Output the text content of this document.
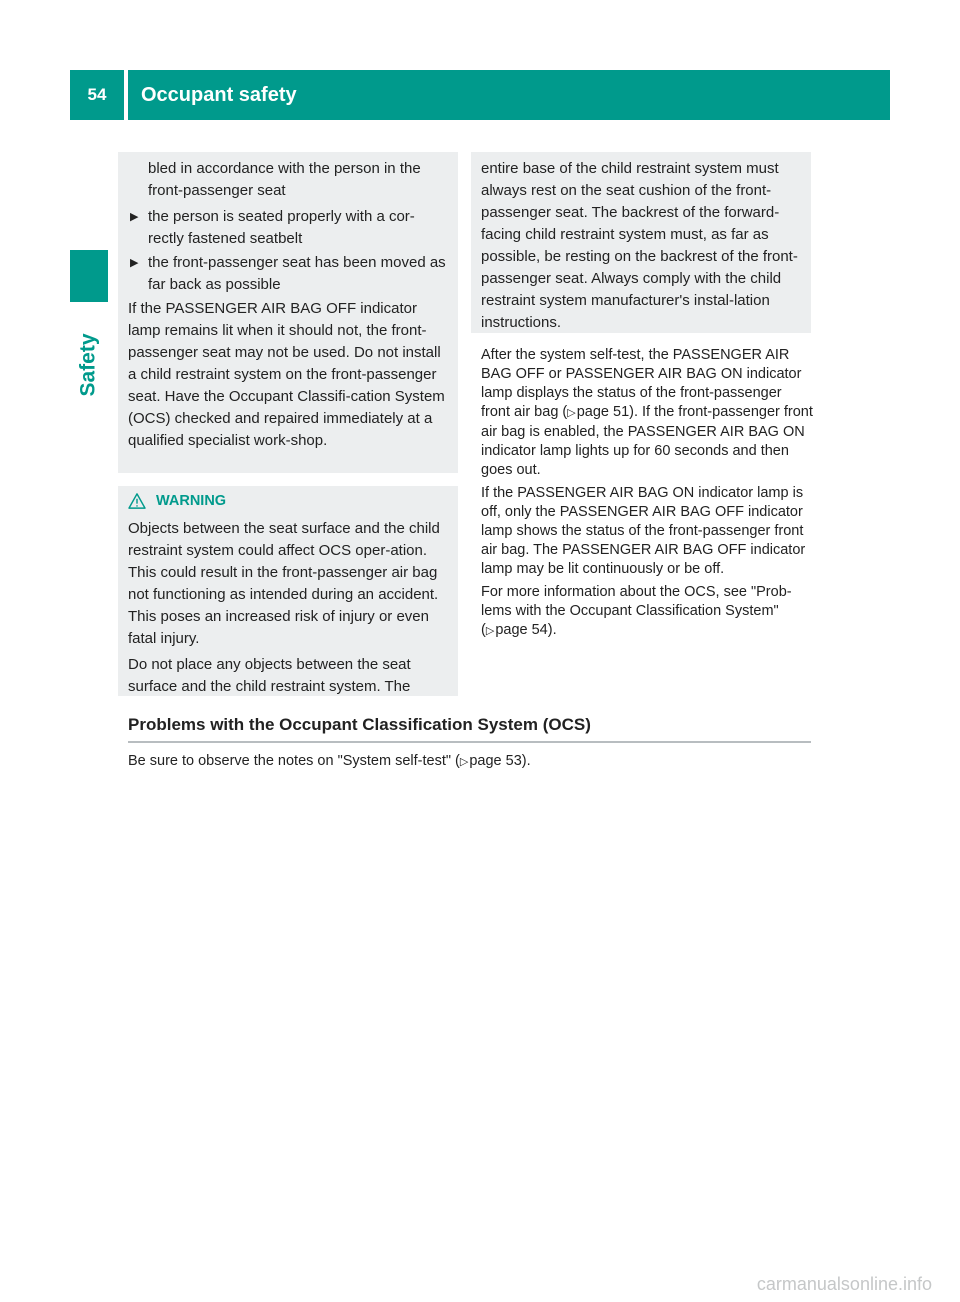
54	Occupant safety
Safety

bled in accordance with the person in the front-passenger seat

▶ the person is seated properly with a cor-rectly fastened seatbelt
▶ the front-passenger seat has been moved as far back as possible

If the PASSENGER AIR BAG OFF indicator lamp remains lit when it should not, the front-passenger seat may not be used. Do not install a child restraint system on the front-passenger seat. Have the Occupant Classifi-cation System (OCS) checked and repaired immediately at a qualified specialist work-shop.

WARNING

Objects between the seat surface and the child restraint system could affect OCS oper-ation. This could result in the front-passenger air bag not functioning as intended during an accident. This poses an increased risk of injury or even fatal injury.

Do not place any objects between the seat surface and the child restraint system. The

entire base of the child restraint system must always rest on the seat cushion of the front-passenger seat. The backrest of the forward-facing child restraint system must, as far as possible, be resting on the backrest of the front-passenger seat. Always comply with the child restraint system manufacturer's instal-lation instructions.

After the system self-test, the PASSENGER AIR BAG OFF or PASSENGER AIR BAG ON indicator lamp displays the status of the front-passenger front air bag (▷page 51). If the front-passenger front air bag is enabled, the PASSENGER AIR BAG ON indicator lamp lights up for 60 seconds and then goes out.

If the PASSENGER AIR BAG ON indicator lamp is off, only the PASSENGER AIR BAG OFF indicator lamp shows the status of the front-passenger front air bag. The PASSENGER AIR BAG OFF indicator lamp may be lit continuously or be off.

For more information about the OCS, see "Prob-lems with the Occupant Classification System" (▷page 54).

Problems with the Occupant Classification System (OCS)
Be sure to observe the notes on "System self-test" (▷page 53).
carmanualsonline.info
